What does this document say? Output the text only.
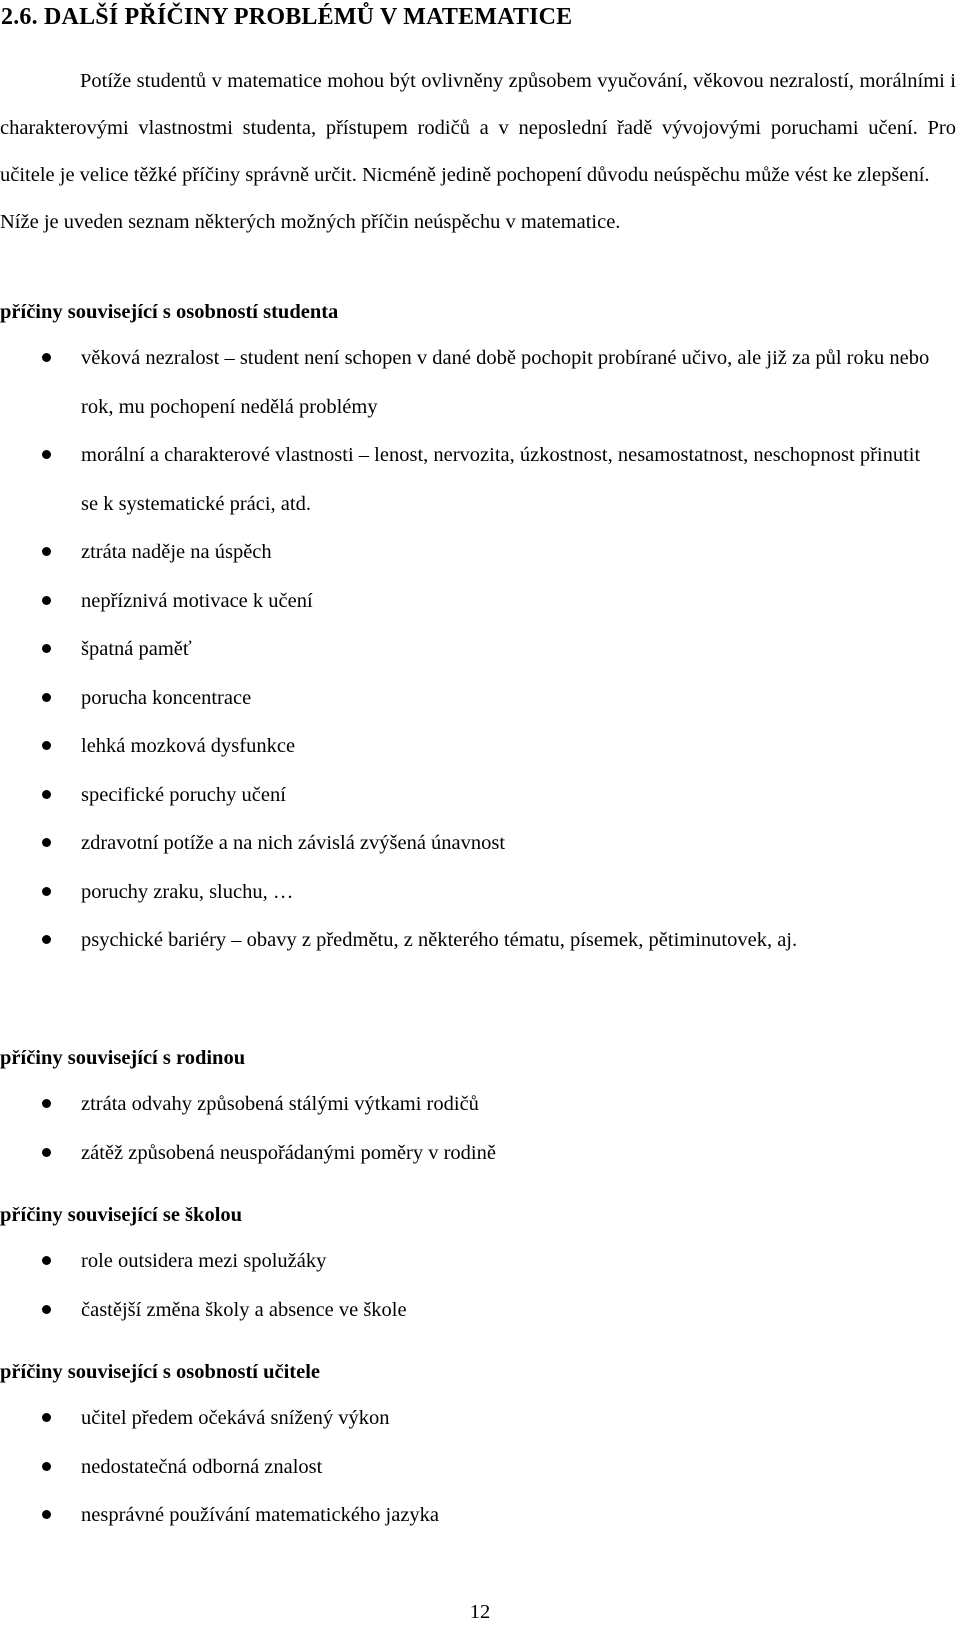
2.6. DALŠÍ PŘÍČINY PROBLÉMŮ V MATEMATICE

Potíže studentů v matematice mohou být ovlivněny způsobem vyučování, věkovou nezralostí, morálními i charakterovými vlastnostmi studenta, přístupem rodičů a v neposlední řadě vývojovými poruchami učení. Pro učitele je velice těžké příčiny správně určit. Nicméně jedině pochopení důvodu neúspěchu může vést ke zlepšení.
Níže je uveden seznam některých možných příčin neúspěchu v matematice.

příčiny související s osobností studenta

věková nezralost – student není schopen v dané době pochopit probírané učivo, ale již za půl roku nebo rok, mu pochopení nedělá problémy
morální a charakterové vlastnosti – lenost, nervozita, úzkostnost, nesamostatnost, neschopnost přinutit se k systematické práci, atd.
ztráta naděje na úspěch
nepříznivá motivace k učení
špatná paměť
porucha koncentrace
lehká mozková dysfunkce
specifické poruchy učení
zdravotní potíže a na nich závislá zvýšená únavnost
poruchy zraku, sluchu, …
psychické bariéry – obavy z předmětu, z některého tématu, písemek, pětiminutovek, aj.

příčiny související s rodinou

ztráta odvahy způsobená stálými výtkami rodičů
zátěž způsobená neuspořádanými poměry v rodině

příčiny související se školou

role outsidera mezi spolužáky
častější změna školy a absence ve škole

příčiny související s osobností učitele

učitel předem očekává snížený výkon
nedostatečná odborná znalost
nesprávné používání matematického jazyka
12
